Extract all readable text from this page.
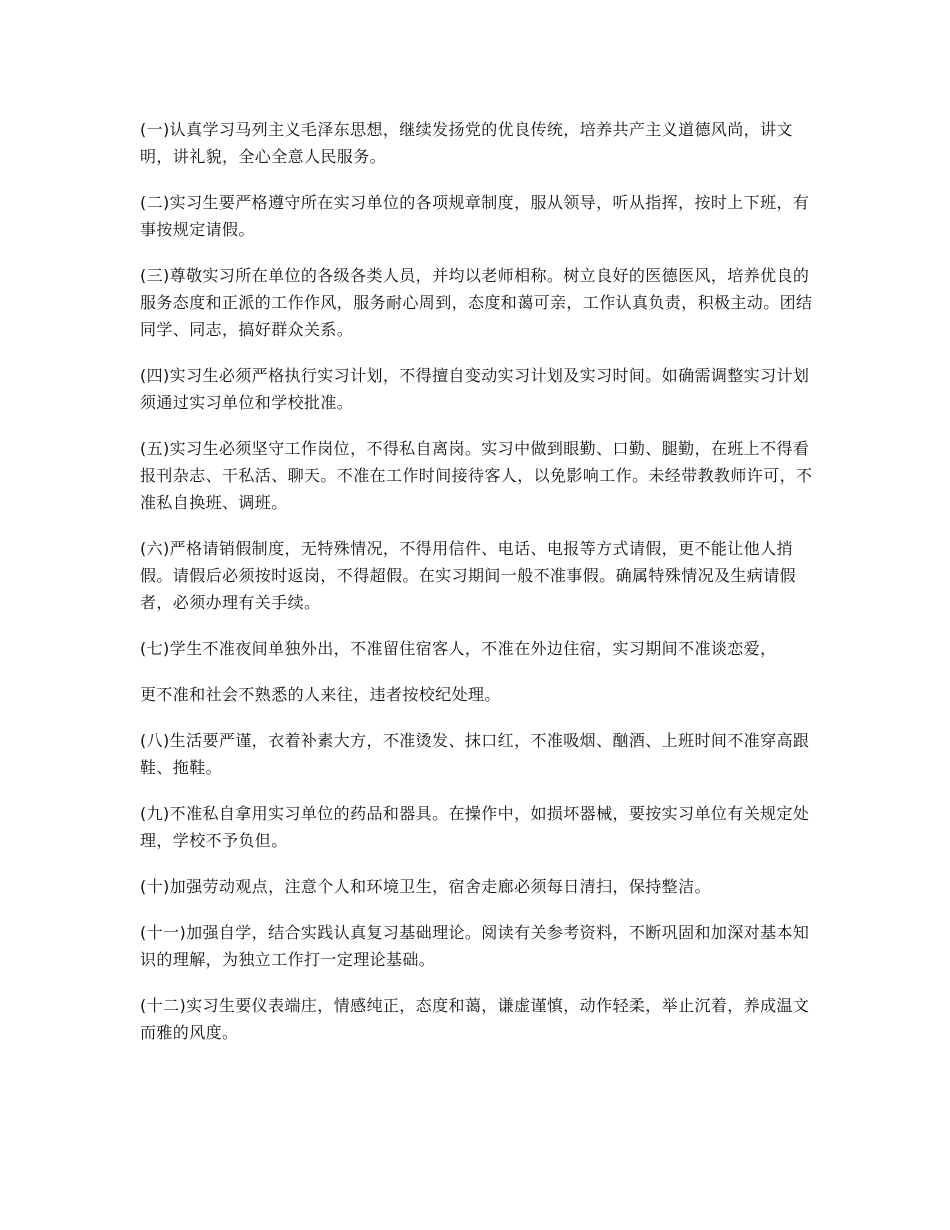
(一)认真学习马列主义毛泽东思想，继续发扬党的优良传统，培养共产主义道德风尚，讲文明，讲礼貌，全心全意人民服务。

(二)实习生要严格遵守所在实习单位的各项规章制度，服从领导，听从指挥，按时上下班，有事按规定请假。

(三)尊敬实习所在单位的各级各类人员，并均以老师相称。树立良好的医德医风，培养优良的服务态度和正派的工作作风，服务耐心周到，态度和蔼可亲，工作认真负责，积极主动。团结同学、同志，搞好群众关系。

(四)实习生必须严格执行实习计划，不得擅自变动实习计划及实习时间。如确需调整实习计划须通过实习单位和学校批准。

(五)实习生必须坚守工作岗位，不得私自离岗。实习中做到眼勤、口勤、腿勤，在班上不得看报刊杂志、干私活、聊天。不准在工作时间接待客人，以免影响工作。未经带教教师许可，不准私自换班、调班。

(六)严格请销假制度，无特殊情况，不得用信件、电话、电报等方式请假，更不能让他人捎假。请假后必须按时返岗，不得超假。在实习期间一般不准事假。确属特殊情况及生病请假者，必须办理有关手续。

(七)学生不准夜间单独外出，不准留住宿客人，不准在外边住宿，实习期间不准谈恋爱，

更不准和社会不熟悉的人来往，违者按校纪处理。

(八)生活要严谨，衣着补素大方，不准烫发、抹口红，不准吸烟、酗酒、上班时间不准穿高跟鞋、拖鞋。

(九)不准私自拿用实习单位的药品和器具。在操作中，如损坏器械，要按实习单位有关规定处理，学校不予负但。

(十)加强劳动观点，注意个人和环境卫生，宿舍走廊必须每日清扫，保持整洁。

(十一)加强自学，结合实践认真复习基础理论。阅读有关参考资料，不断巩固和加深对基本知识的理解，为独立工作打一定理论基础。

(十二)实习生要仪表端庄，情感纯正，态度和蔼，谦虚谨慎，动作轻柔，举止沉着，养成温文而雅的风度。
